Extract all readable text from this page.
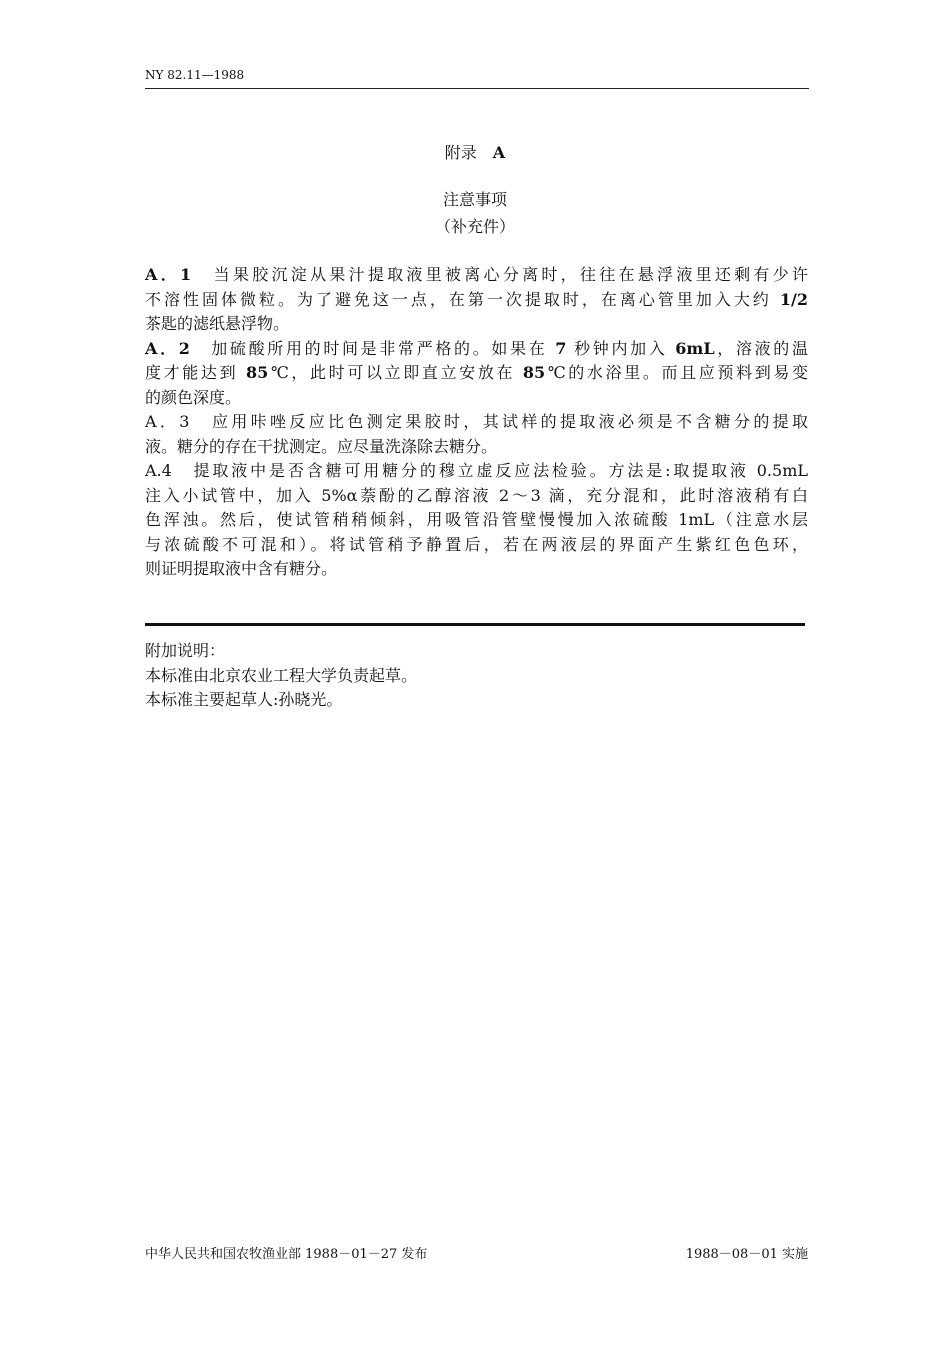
NY 82.11—1988
附录 A
注意事项
（补充件）
A．1　当果胶沉淀从果汁提取液里被离心分离时，往往在悬浮液里还剩有少许
不溶性固体微粒。为了避免这一点，在第一次提取时，在离心管里加入大约 1/2
茶匙的滤纸悬浮物。
A．2　加硫酸所用的时间是非常严格的。如果在 7 秒钟内加入 6mL，溶液的温
度才能达到 85℃，此时可以立即直立安放在 85℃的水浴里。而且应预料到易变
的颜色深度。
A．3　应用咔唑反应比色测定果胶时，其试样的提取液必须是不含糖分的提取
液。糖分的存在干扰测定。应尽量洗涤除去糖分。
A.4　提取液中是否含糖可用糖分的穆立虚反应法检验。方法是:取提取液 0.5mL
注入小试管中，加入 5%α萘酚的乙醇溶液 2～3 滴，充分混和，此时溶液稍有白
色浑浊。然后，使试管稍稍倾斜，用吸管沿管壁慢慢加入浓硫酸 1mL（注意水层
与浓硫酸不可混和）。将试管稍予静置后，若在两液层的界面产生紫红色色环，
则证明提取液中含有糖分。
附加说明：
本标准由北京农业工程大学负责起草。
本标准主要起草人:孙晓光。
中华人民共和国农牧渔业部 1988－01－27 发布	1988－08－01 实施
